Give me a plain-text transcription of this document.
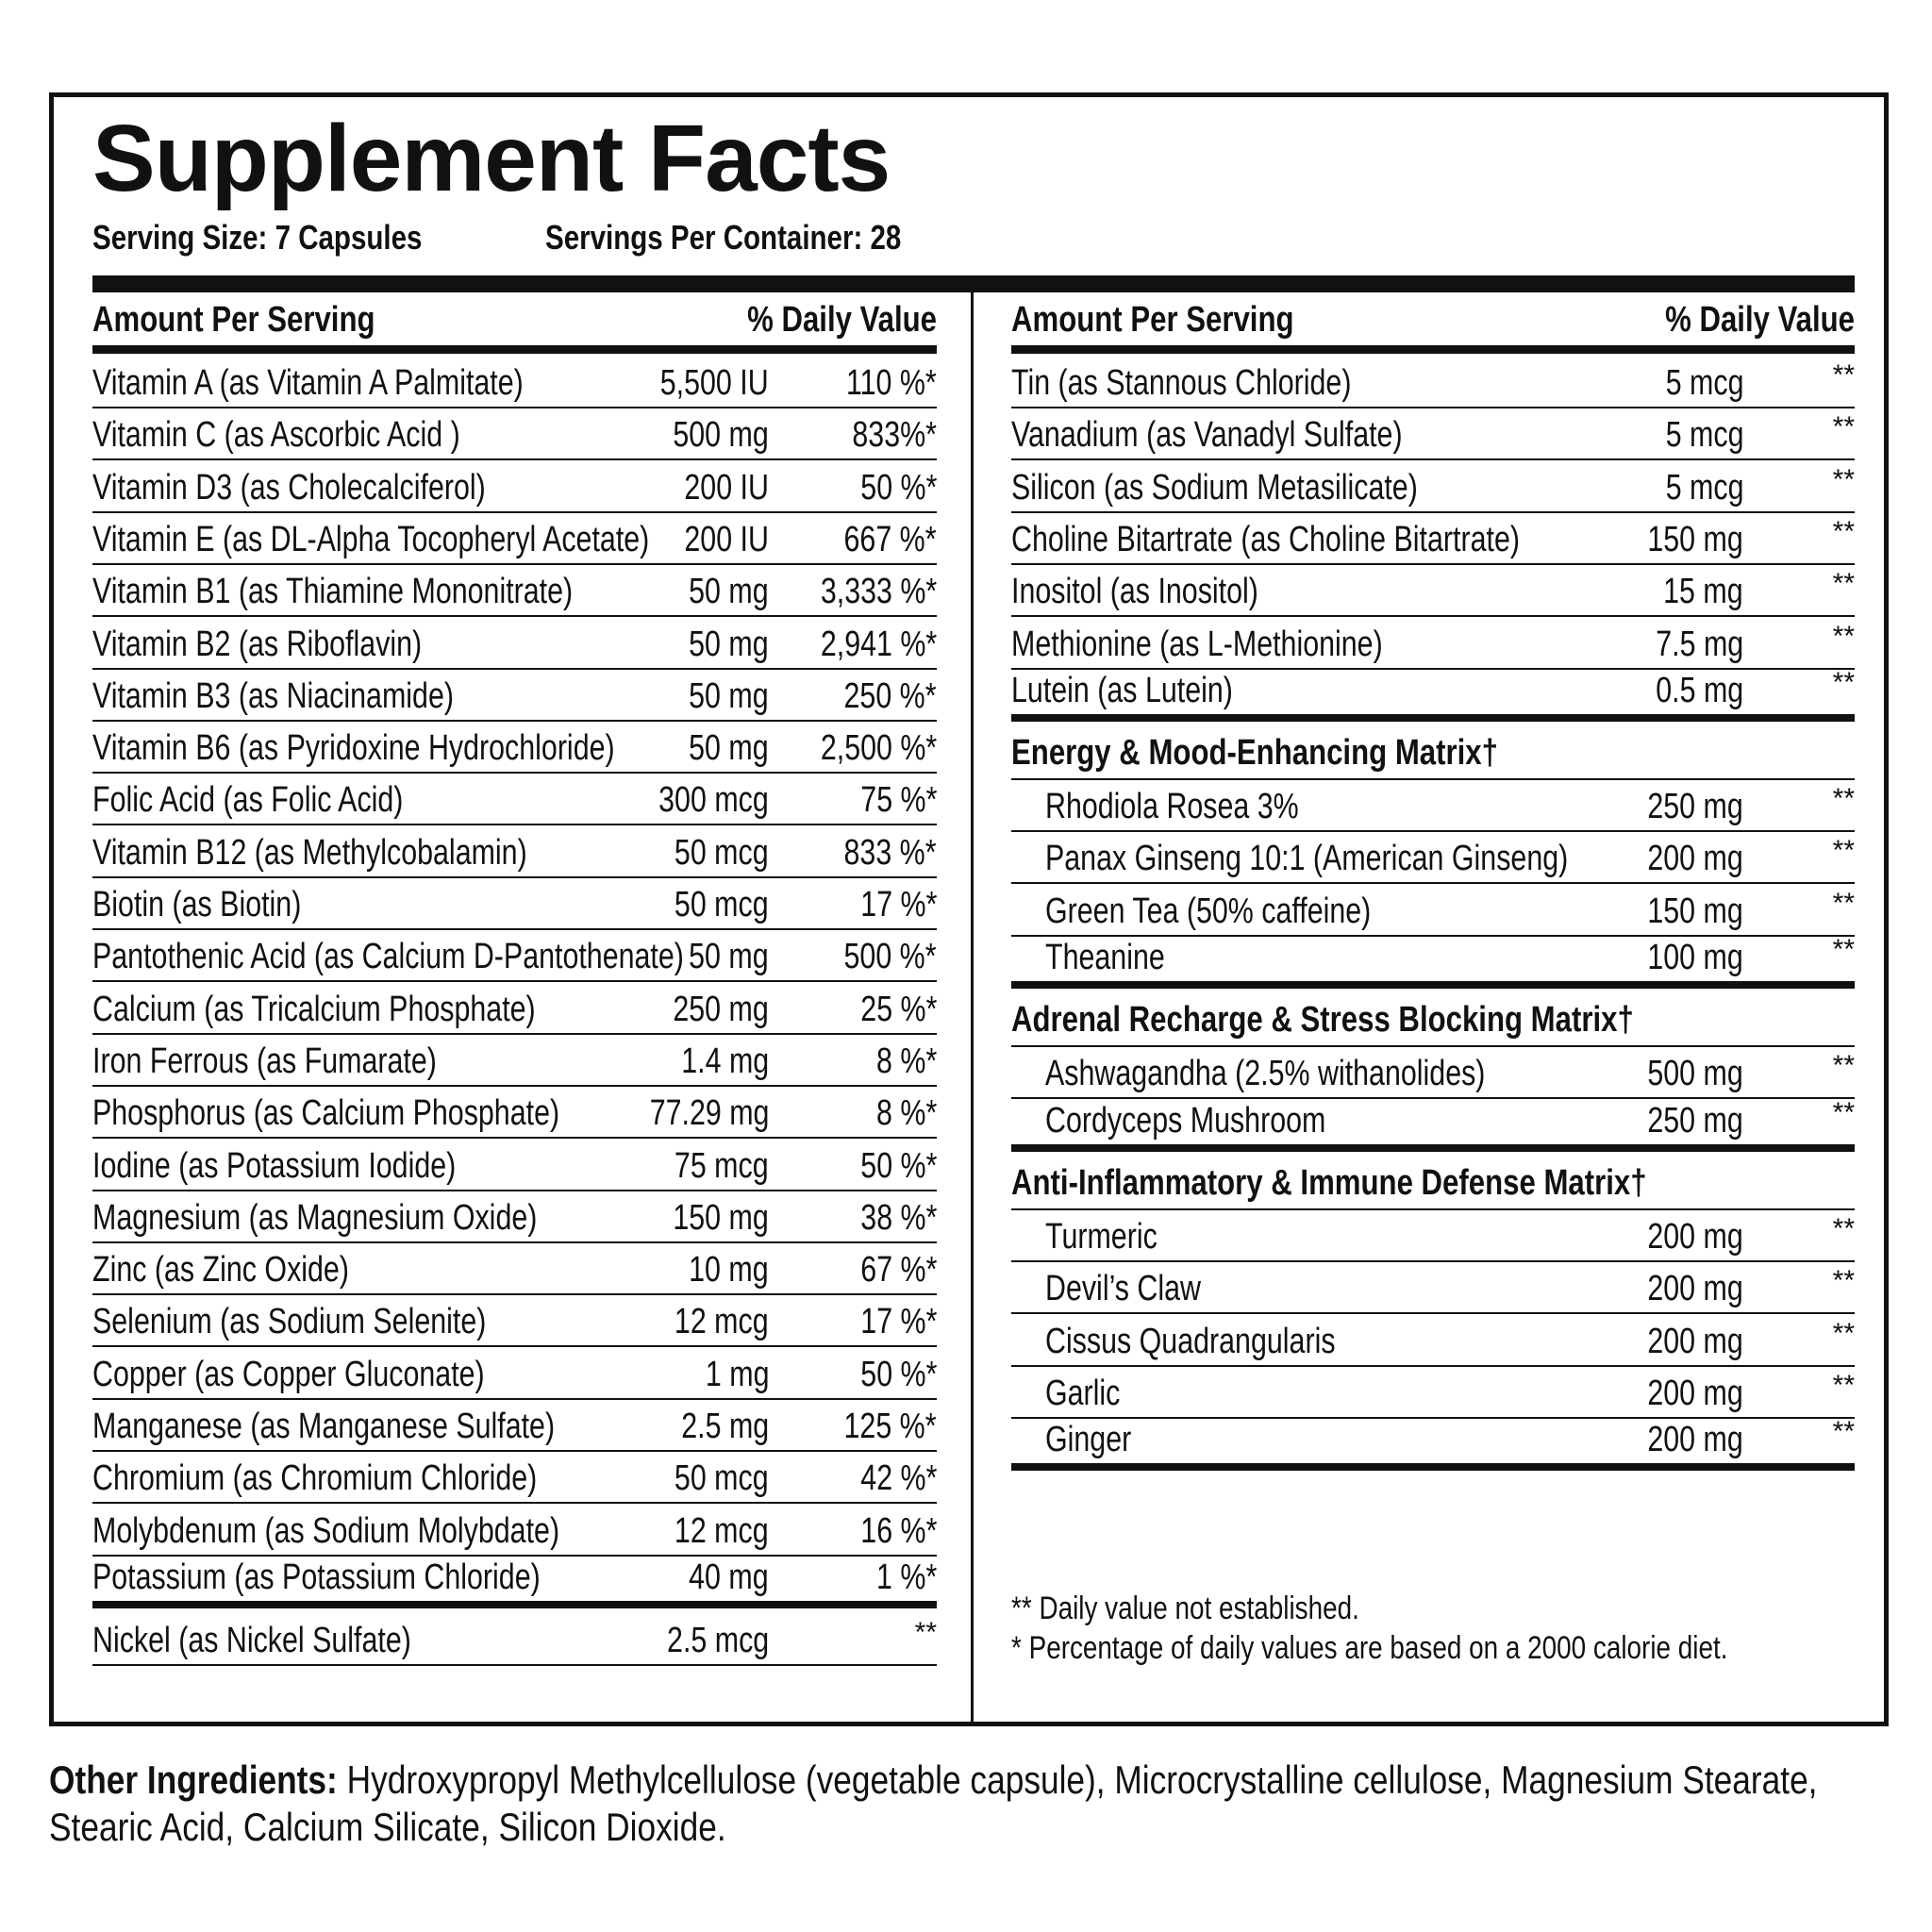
Supplement Facts
Serving Size: 7 Capsules	Servings Per Container: 28
Amount Per Serving	% Daily Value
Vitamin A (as Vitamin A Palmitate)	5,500 IU 110 %*
Vitamin C (as Ascorbic Acid )	500 mg 833%*
Vitamin D3 (as Cholecalciferol)	200 IU	50 %*
Vitamin E (as DL-Alpha Tocopheryl Acetate) 200 IU 667 %*
Vitamin B1 (as Thiamine Mononitrate)	50 mg 3,333 %*
Vitamin B2 (as Riboflavin)	50 mg 2,941 %*
Vitamin B3 (as Niacinamide)	50 mg 250 %*
Vitamin B6 (as Pyridoxine Hydrochloride) 50 mg 2,500 %*
Folic Acid (as Folic Acid)	300 mcg	75 %*
Vitamin B12 (as Methylcobalamin)	50 mcg 833 %*
Biotin (as Biotin)	50 mcg	17 %*
Pantothenic Acid (as Calcium D-Pantothenate) 50 mg 500 %*
Calcium (as Tricalcium Phosphate)	250 mg	25 %*
Iron Ferrous (as Fumarate)	1.4 mg	8 %*
Phosphorus (as Calcium Phosphate)	77.29 mg	8 %*
Iodine (as Potassium Iodide)	75 mcg	50 %*
Magnesium (as Magnesium Oxide)	150 mg	38 %*
Zinc (as Zinc Oxide)	10 mg	67 %*
Selenium (as Sodium Selenite)	12 mcg	17 %*
Copper (as Copper Gluconate)	1 mg	50 %*
Manganese (as Manganese Sulfate)	2.5 mg 125 %*
Chromium (as Chromium Chloride)	50 mcg	42 %*
Molybdenum (as Sodium Molybdate)	12 mcg	16 %*
Potassium (as Potassium Chloride)	40 mg	1 %*
Nickel (as Nickel Sulfate)	2.5 mcg	**
Amount Per Serving	% Daily Value
Tin (as Stannous Chloride)	5 mcg	**
Vanadium (as Vanadyl Sulfate)	5 mcg	**
Silicon (as Sodium Metasilicate)	5 mcg	**
Choline Bitartrate (as Choline Bitartrate)	150 mg	**
Inositol (as Inositol)	15 mg	**
Methionine (as L-Methionine)	7.5 mg	**
Lutein (as Lutein)	0.5 mg	**
Energy & Mood-Enhancing Matrix†
Rhodiola Rosea 3%	250 mg	**
Panax Ginseng 10:1 (American Ginseng) 200 mg	**
Green Tea (50% caffeine)	150 mg	**
Theanine	100 mg	**
Adrenal Recharge & Stress Blocking Matrix†
Ashwagandha (2.5% withanolides)	500 mg	**
Cordyceps Mushroom	250 mg	**
Anti-Inflammatory & Immune Defense Matrix†
Turmeric	200 mg	**
Devil’s Claw	200 mg	**
Cissus Quadrangularis	200 mg	**
Garlic	200 mg	**
Ginger	200 mg	**
** Daily value not established.
* Percentage of daily values are based on a 2000 calorie diet.
Other Ingredients: Hydroxypropyl Methylcellulose (vegetable capsule), Microcrystalline cellulose, Magnesium Stearate, Stearic Acid, Calcium Silicate, Silicon Dioxide.
